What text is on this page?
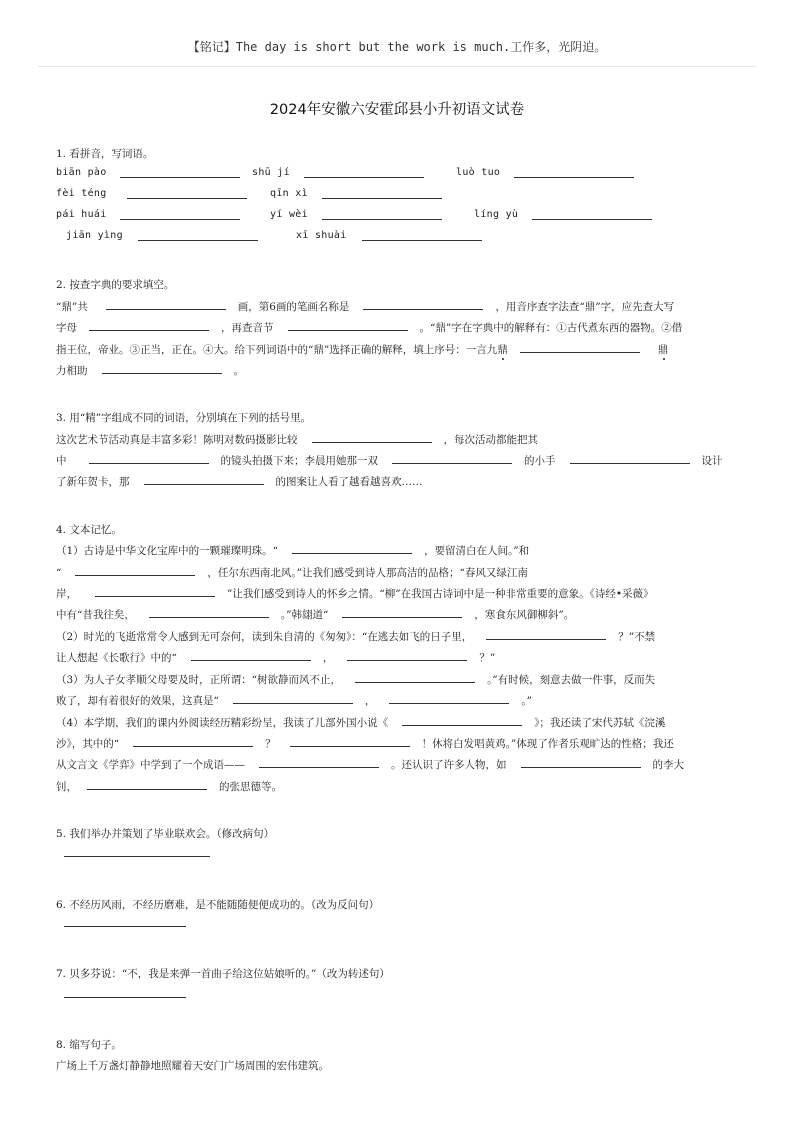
【铭记】The day is short but the work is much.工作多，光阴迫。
2024年安徽六安霍邱县小升初语文试卷
1. 看拼音，写词语。
biān pào	shū jí	luò tuo
fèi téng	qīn xì
pái huái	yí wèi	líng yù
jiān yìng	xī shuài
2. 按查字典的要求填空。
“鼎”共	画，第6画的笔画名称是	，用音序查字法查“鼎”字，应先查大写
字母	，再查音节	。“鼎”字在字典中的解释有：①古代煮东西的器物。②借
指王位，帝业。③正当，正在。④大。给下列词语中的“鼎”选择正确的解释，填上序号：一言九鼎	鼎
力相助	。
3. 用“精”字组成不同的词语，分别填在下列的括号里。
这次艺术节活动真是丰富多彩！陈明对数码摄影比较	，每次活动都能把其
中	的镜头拍摄下来；李晨用她那一双	的小手	设计
了新年贺卡，那	的图案让人看了越看越喜欢……
4. 文本记忆。
（1）古诗是中华文化宝库中的一颗璀璨明珠。“	，要留清白在人间。”和
“	，任尔东西南北风。”让我们感受到诗人那高洁的品格；“春风又绿江南
岸，	”让我们感受到诗人的怀乡之情。“柳”在我国古诗词中是一种非常重要的意象。《诗经•采薇》
中有“昔我往矣，	。”韩翃道“	，寒食东风御柳斜”。
（2）时光的飞逝常常令人感到无可奈何，读到朱自清的《匆匆》：“在逃去如飞的日子里，	？”不禁
让人想起《长歌行》中的“	，	？”
（3）为人子女孝顺父母要及时，正所谓：“树欲静而风不止，	。”有时候，刻意去做一件事，反而失
败了，却有着很好的效果，这真是“	，	。”
（4）本学期，我们的课内外阅读经历精彩纷呈，我读了儿部外国小说《	》；我还读了宋代苏轼《浣溪
沙》，其中的“	？	！休将白发唱黄鸡。”体现了作者乐观旷达的性格；我还
从文言文《学弈》中学到了一个成语——	。还认识了许多人物，如	的李大
钊，	的张思德等。
5. 我们举办并策划了毕业联欢会。（修改病句）
6. 不经历风雨，不经历磨难，是不能随随便便成功的。（改为反问句）
7. 贝多芬说：“不，我是来弹一首曲子给这位姑娘听的。”（改为转述句）
8. 缩写句子。
广场上千万盏灯静静地照耀着天安门广场周围的宏伟建筑。
